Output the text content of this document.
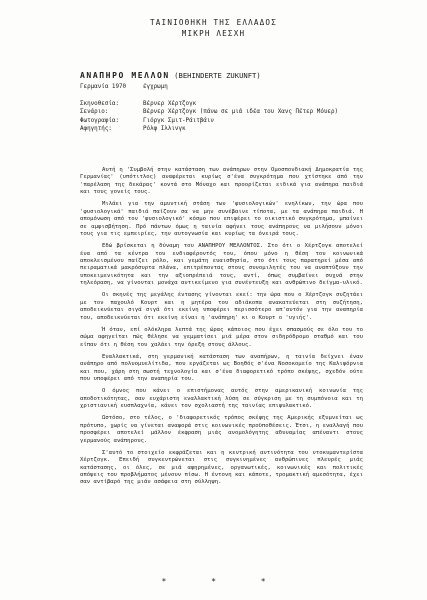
ΤΑΙΝΙΟΘΗΚΗ ΤΗΣ ΕΛΛΑΔΟΣ
ΜΙΚΡΗ ΛΕΣΧΗ
ΑΝΑΠΗΡΟ ΜΕΛΛΟΝ (BEHINDERTE ZUKUNFT)
Γερμανία 1970	έγχρωμη
Σκηνοθεσία:	Βέρνερ Χέρτζογκ
Σενάριο:	Βέρνερ Χέρτζογκ (πάνω σε μιά ιδέα του Χανς Πέτερ Μόυερ)
Φωτογραφία:	Γιόργκ Σμιτ-Ράιτβάιν
Αφηγητής:	Ρόλφ Ιλλινγκ

Αυτή η 'Συμβολή στην κατάσταση των ανάπηρων στην Ομοσπονδιακή Δημοκρατία της Γερμανίας' (υπότιτλος) αναφέρεται κυρίως σ'ένα συγκρότημα που χτίστηκε από την 'παρέλαση της δεκάρας' κοντά στο Μόναχο και προορίζεται ειδικά για ανάπηρα παιδιά και τους γονείς τους.

Μιλάει για την αμυντική στάση των 'φυσιολογικών' ενηλίκων, την ώρα που 'φυσιολογικά' παιδιά παίζουν σα να μην συνέβαινε τίποτα, με τα ανάπηρα παιδιά. Η απομόνωση από τον 'φυσιολογικό' κόσμο που επιφέρει το οικιστικό συγκρότημα, μπαίνει σε αμφισβήτηση. Πρό πάντων όμως η ταινία αφήνει τους ανάπηρους να μιλήσουν μόνοι τους για τις εμπειρίες, την αυτογνωσία και κυρίως τα όνειρά τους.

Εδώ βρίσκεται η δύναμη του ΑΝΑΠΗΡΟΥ ΜΕΛΛΟΝΤΟΣ. Στο ότι ο Χέρτζογκ αποτελεί ένα από τα κέντρα του ενδιαφέροντός του, όπου μόνο η θέση του κοινωνικά αποκλεισμένου παίζει ρόλο, και γεμάτη ευαισθησία, στο ότι τους παρατηρεί μέσα από πειραματικά μακρόσυρτα πλάνα, επιτρέποντας στους συνομιλητές του να αναπτύξουν την υποκειμενικότητα και την αξιοπρέπειά τους, αντί, όπως συμβαίνει συχνά στην τηλεόραση, να γίνονται μονάχα αντικείμενο για συνέντευξη και ανθρώπινο δείγμα-υλικό.

Οι σκηνές της μεγάλης έντασης γίνονται εκεί: την ώρα που ο Χέρτζογκ συζητάει με τον παχουλό Κουρτ και η μητέρα του αδιάκοπα ανακατεύεται στη συζήτηση, αποδεικνύεται σιγά σιγά ότι εκείνη υποφέρει περισσότερο απ'αυτόν για την αναπηρία του, αποδεικνύεται ότι εκείνη είναι η 'ανάπηρη' κι ο Κουρτ ο 'υγιής'.

Ή όταν, επί ολόκληρα λεπτά της ώρας κάποιος που έχει σπασμούς σε όλο του το σώμα αφηγείται πώς θέλησε να γεμματίσει μιά μέρα στον σιδηρόδρομο σταθμό και του είπαν ότι η θέση του χαλάει την όρεξη στους άλλους.

Εναλλακτικά, στη γερμανική κατάσταση των αναπήρων, η ταινία δείχνει έναν ανάπηρο από πολυομυελίτιδα, που εργάζεται ως Βοηθός σ'ένα Νοσοκομείο της Καλιφόρνια και που, χάρη στη σωστή τεχνολογία και σ'ένα διαφορετικό τρόπο σκέψης, σχεδόν ούτε που υποφέρει από την αναπηρία του.

Ο όμνος που κάνει ο επιστήμονας αυτός στην αμερικανική κοινωνία της αποδοτικότητας, σαν ευχάριστη εναλλακτική λύση σε σύγκριση με τη συμπόνοια και τη χριστιανική ευσπλαχνία, κάνει τον σχολιαστή της ταινίας επιφυλακτικό.

Ωστόσο, στο τέλος, ο 'διαφορετικός τρόπος σκέψης της Αμερικής εξυμνείται ως πρότυπο, χωρίς να γίνεται αναφορά στις κοινωνικές προϋποθέσεις. Έτσι, η εναλλαγή που προσφέρει αποτελεί μάλλον έκφραση μιάς ανομολόγητης αδυναμίας απέναντι στους γερμανούς ανάπηρους.

Σ'αυτό το στοιχείο εκφράζεται και η κεντρική αντινότητα του ντοκυμαντερίστα Χέρτζογκ. Επειδή συγκεντρώνεται στις συγκινημένες ανθρώπινες πλευρές μιάς κατάστασης, οι όλες, σε μιά αφηρημένες, οργανωτικές, κοινωνικές και πολιτικές απόψεις του προβλήματος μένουν πίσω. Η έντονη και κάποτε, τρομακτική αμεσότητα, έχει σαν αντίβαρό της μιάν ασάφεια στη σύλληψη.

* * *
